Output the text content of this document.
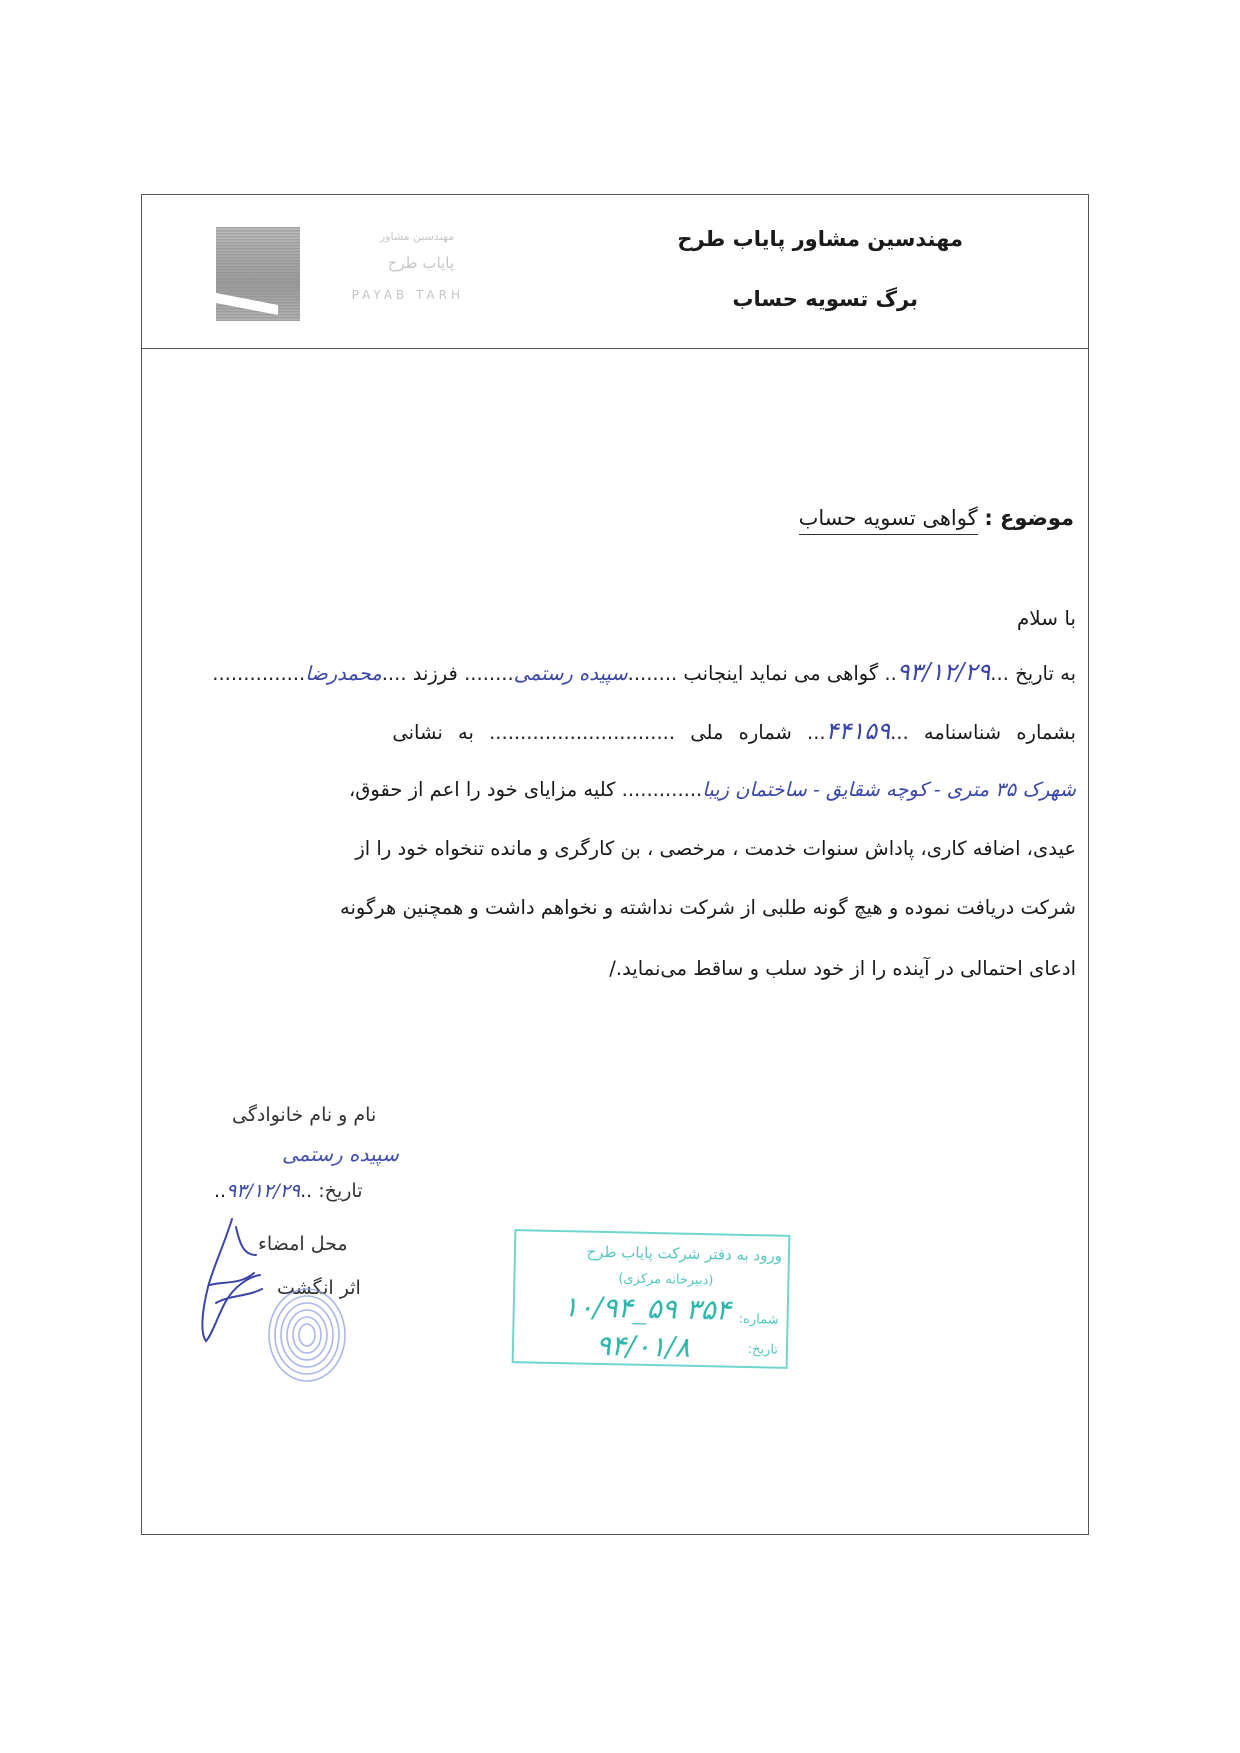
مهندسین مشاور پایاب طرح
برگ تسویه حساب
مهندسین مشاور
پایاب طرح
PAYAB TARH
موضوع : گواهی تسویه حساب
با سلام
به تاریخ ...۹۳/۱۲/۲۹.. گواهی می نماید اینجانب ........سپیده رستمی........ فرزند ....محمدرضا...............
بشماره شناسنامه ...۴۴۱۵۹... شماره ملی .............................. به نشانی
شهرک ۳۵ متری - کوچه شقایق - ساختمان زیبا............. کلیه مزایای خود را اعم از حقوق،
عیدی، اضافه کاری، پاداش سنوات خدمت ، مرخصی ، بن کارگری و مانده تنخواه خود را از
شرکت دریافت نموده و هیچ گونه طلبی از شرکت نداشته و نخواهم داشت و همچنین هرگونه
ادعای احتمالی در آینده را از خود سلب و ساقط می‌نماید./
نام و نام خانوادگی
سپیده رستمی
تاریخ: ..۹۳/۱۲/۲۹..
محل امضاء
اثر انگشت
ورود به دفتر شرکت پایاب طرح
(دبیرخانه مرکزی)
شماره:
۱۰/۹۴_۵۹ ۳۵۴
تاریخ:
۹۴/۰۱/۸
